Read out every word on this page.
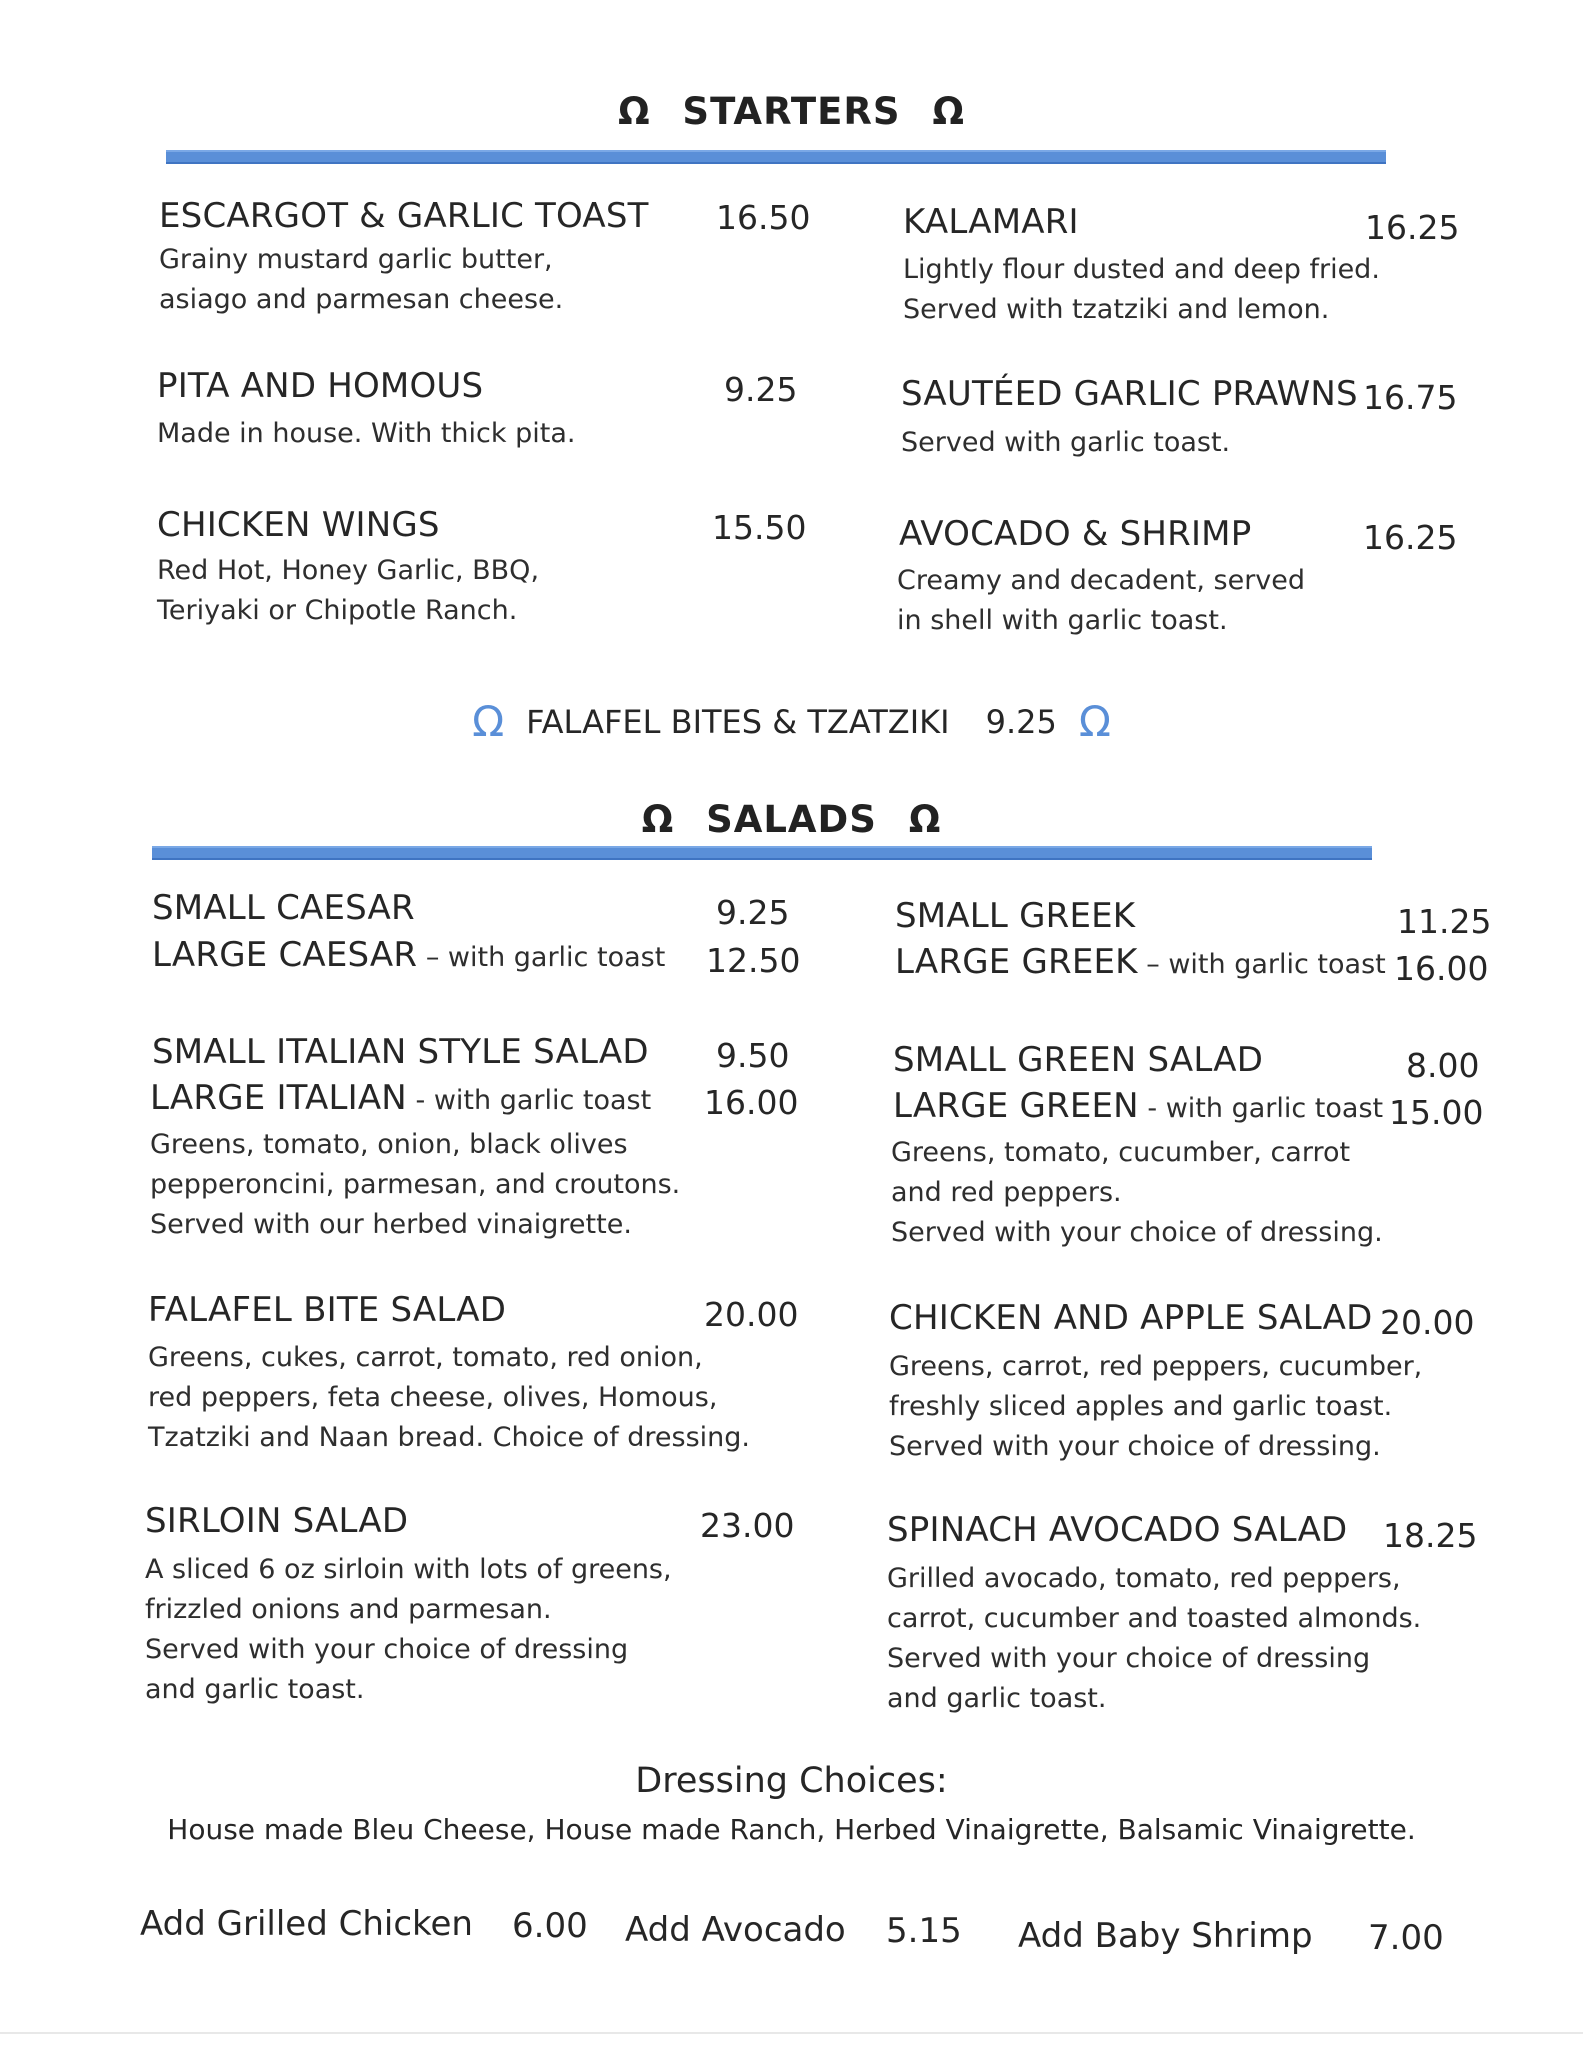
Ω STARTERS Ω
ESCARGOT & GARLIC TOAST 16.50
Grainy mustard garlic butter,
asiago and parmesan cheese.
PITA AND HOMOUS	9.25
Made in house. With thick pita.
CHICKEN WINGS	15.50
Red Hot, Honey Garlic, BBQ,
Teriyaki or Chipotle Ranch.
KALAMARI	16.25
Lightly flour dusted and deep fried.
Served with tzatziki and lemon.
SAUTÉED GARLIC PRAWNS 16.75
Served with garlic toast.
AVOCADO & SHRIMP	16.25
Creamy and decadent, served
in shell with garlic toast.
Ω FALAFEL BITES & TZATZIKI 9.25 Ω
Ω SALADS Ω
SMALL CAESAR	9.25
LARGE CAESAR – with garlic toast 12.50
SMALL ITALIAN STYLE SALAD 9.50
LARGE ITALIAN - with garlic toast 16.00
Greens, tomato, onion, black olives
pepperoncini, parmesan, and croutons.
Served with our herbed vinaigrette.
FALAFEL BITE SALAD	20.00
Greens, cukes, carrot, tomato, red onion,
red peppers, feta cheese, olives, Homous,
Tzatziki and Naan bread. Choice of dressing.
SIRLOIN SALAD	23.00
A sliced 6 oz sirloin with lots of greens,
frizzled onions and parmesan.
Served with your choice of dressing
and garlic toast.
SMALL GREEK	11.25
LARGE GREEK – with garlic toast 16.00
SMALL GREEN SALAD	8.00
LARGE GREEN - with garlic toast 15.00
Greens, tomato, cucumber, carrot
and red peppers.
Served with your choice of dressing.
CHICKEN AND APPLE SALAD 20.00
Greens, carrot, red peppers, cucumber,
freshly sliced apples and garlic toast.
Served with your choice of dressing.
SPINACH AVOCADO SALAD 18.25
Grilled avocado, tomato, red peppers,
carrot, cucumber and toasted almonds.
Served with your choice of dressing
and garlic toast.
Dressing Choices:
House made Bleu Cheese, House made Ranch, Herbed Vinaigrette, Balsamic Vinaigrette.
Add Grilled Chicken 6.00 Add Avocado 5.15 Add Baby Shrimp 7.00
